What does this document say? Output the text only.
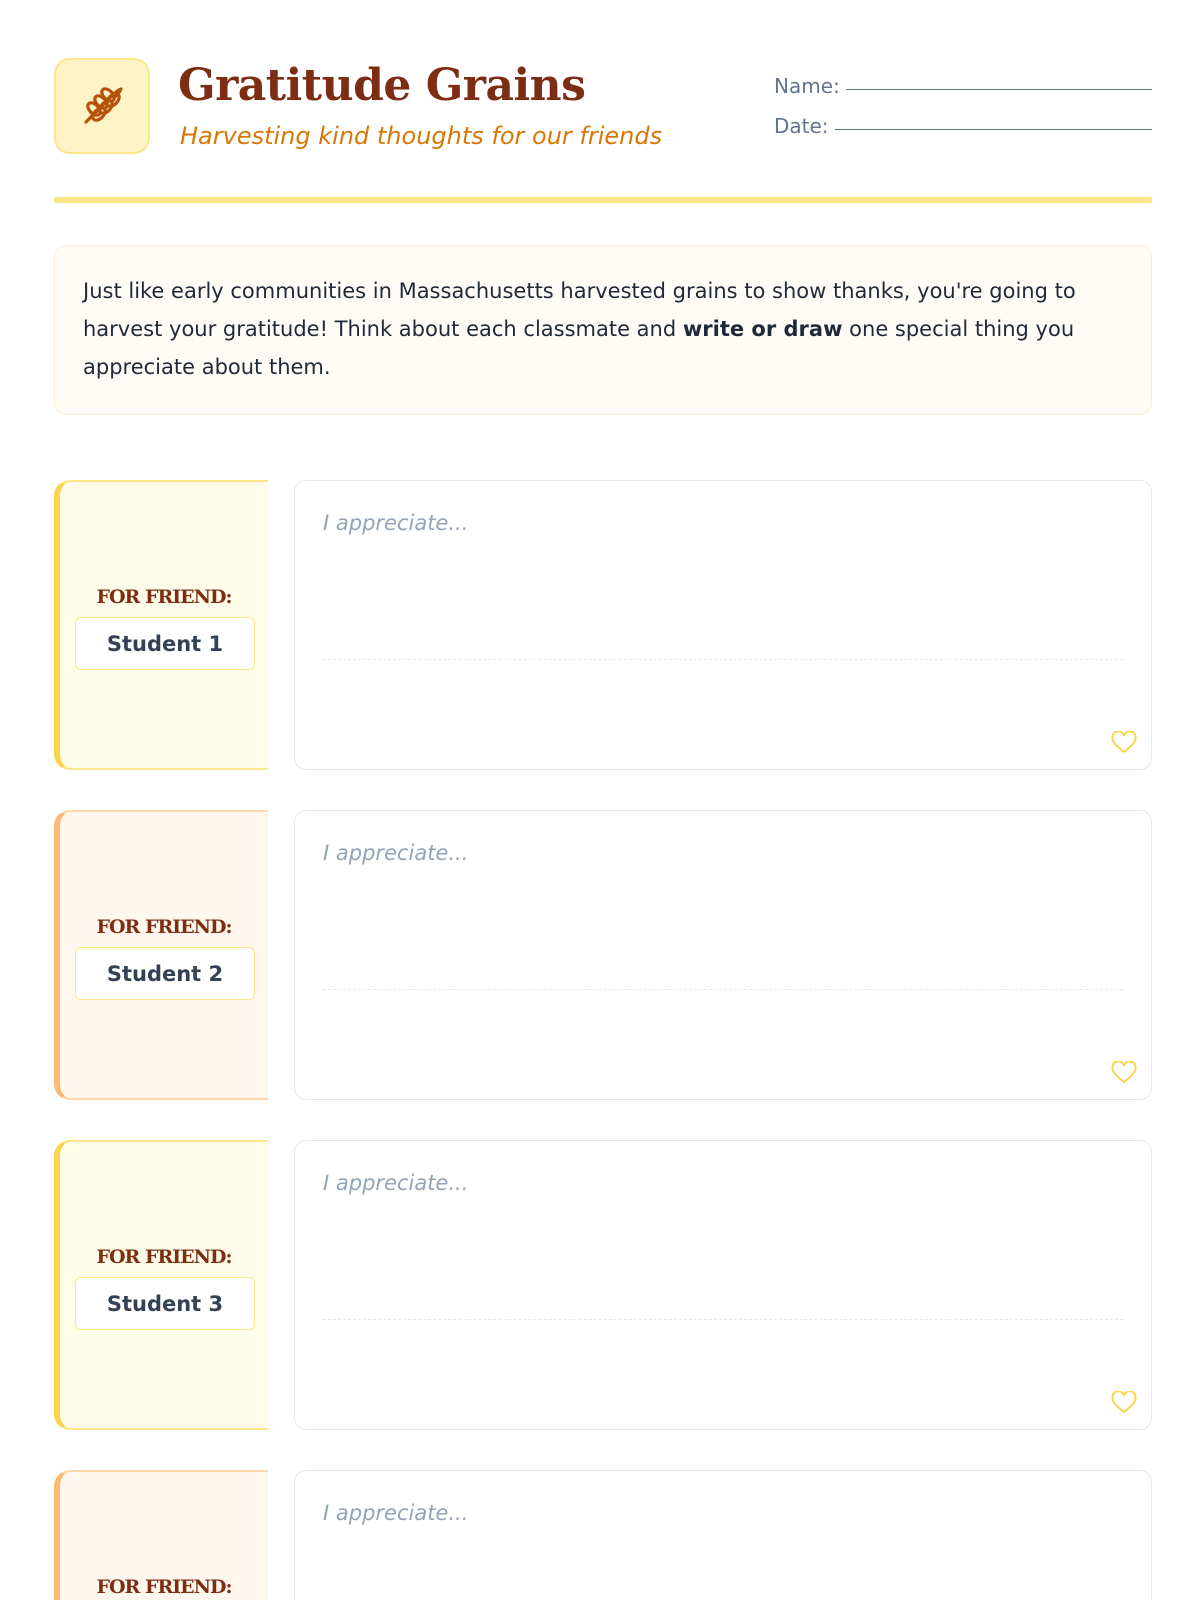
Gratitude Grains
Harvesting kind thoughts for our friends
Name:
Date:
Just like early communities in Massachusetts harvested grains to show thanks, you're going to harvest your gratitude! Think about each classmate and write or draw one special thing you appreciate about them.
FOR FRIEND:
Student 1
I appreciate...
FOR FRIEND:
Student 2
I appreciate...
FOR FRIEND:
Student 3
I appreciate...
FOR FRIEND:
I appreciate...
